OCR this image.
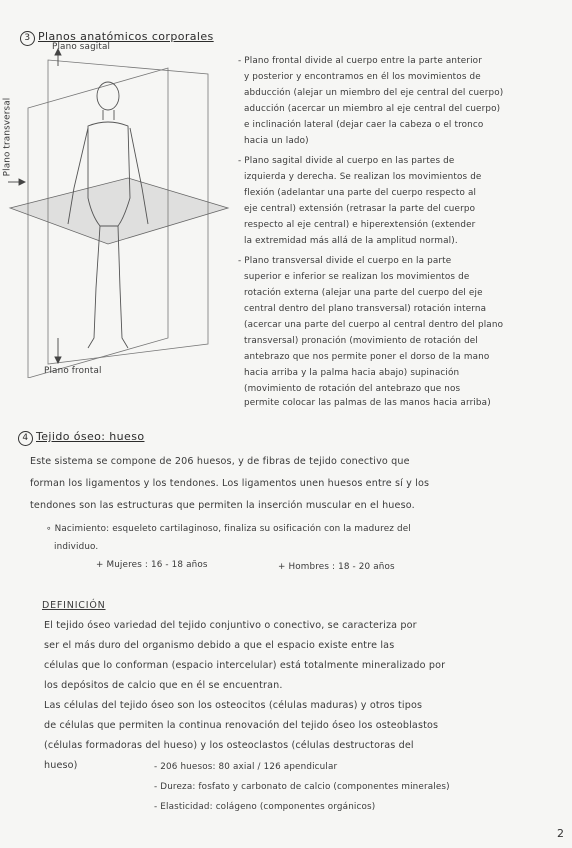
3 Planos anatómicos corporales
Plano sagital
Plano transversal
Plano frontal
- Plano frontal divide al cuerpo entre la parte anterior
y posterior y encontramos en él los movimientos de
abducción (alejar un miembro del eje central del cuerpo)
aducción (acercar un miembro al eje central del cuerpo)
e inclinación lateral (dejar caer la cabeza o el tronco
hacia un lado)
- Plano sagital divide al cuerpo en las partes de
izquierda y derecha. Se realizan los movimientos de
flexión (adelantar una parte del cuerpo respecto al
eje central) extensión (retrasar la parte del cuerpo
respecto al eje central) e hiperextensión (extender
la extremidad más allá de la amplitud normal).
- Plano transversal divide el cuerpo en la parte
superior e inferior se realizan los movimientos de
rotación externa (alejar una parte del cuerpo del eje
central dentro del plano transversal) rotación interna
(acercar una parte del cuerpo al central dentro del plano
transversal) pronación (movimiento de rotación del
antebrazo que nos permite poner el dorso de la mano
hacia arriba y la palma hacia abajo) supinación
(movimiento de rotación del antebrazo que nos
permite colocar las palmas de las manos hacia arriba)
4 Tejido óseo: hueso
Este sistema se compone de 206 huesos, y de fibras de tejido conectivo que
forman los ligamentos y los tendones. Los ligamentos unen huesos entre sí y los
tendones son las estructuras que permiten la inserción muscular en el hueso.
∘ Nacimiento: esqueleto cartilaginoso, finaliza su osificación con la madurez del
individuo.
+ Mujeres : 16 - 18 años	+ Hombres : 18 - 20 años
DEFINICIÓN
El tejido óseo variedad del tejido conjuntivo o conectivo, se caracteriza por
ser el más duro del organismo debido a que el espacio existe entre las
células que lo conforman (espacio intercelular) está totalmente mineralizado por
los depósitos de calcio que en él se encuentran.
Las células del tejido óseo son los osteocitos (células maduras) y otros tipos
de células que permiten la continua renovación del tejido óseo los osteoblastos
(células formadoras del hueso) y los osteoclastos (células destructoras del
hueso)	- 206 huesos: 80 axial / 126 apendicular
- Dureza: fosfato y carbonato de calcio (componentes minerales)
- Elasticidad: colágeno (componentes orgánicos)
2
